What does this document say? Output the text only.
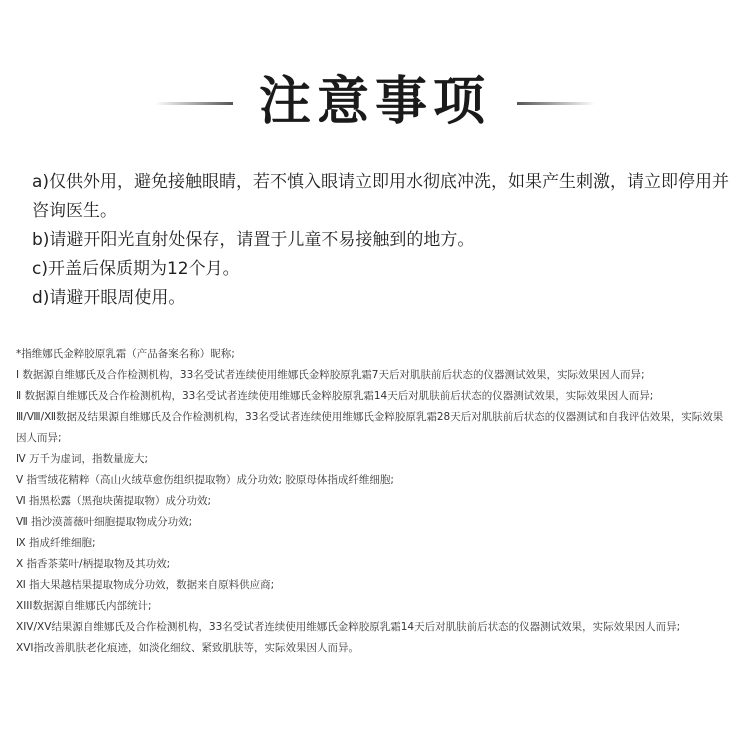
注意事项

a)仅供外用，避免接触眼睛，若不慎入眼请立即用水彻底冲洗，如果产生刺激，请立即停用并咨询医生。

b)请避开阳光直射处保存，请置于儿童不易接触到的地方。

c)开盖后保质期为12个月。

d)请避开眼周使用。

*指维娜氏金粹胶原乳霜（产品备案名称）昵称;

Ⅰ 数据源自维娜氏及合作检测机构，33名受试者连续使用维娜氏金粹胶原乳霜7天后对肌肤前后状态的仪器测试效果，实际效果因人而异;

Ⅱ 数据源自维娜氏及合作检测机构，33名受试者连续使用维娜氏金粹胶原乳霜14天后对肌肤前后状态的仪器测试效果，实际效果因人而异;

Ⅲ/Ⅷ/Ⅻ数据及结果源自维娜氏及合作检测机构，33名受试者连续使用维娜氏金粹胶原乳霜28天后对肌肤前后状态的仪器测试和自我评估效果，实际效果因人而异;

Ⅳ 万千为虚词，指数量庞大;

Ⅴ 指雪绒花精粹（高山火绒草愈伤组织提取物）成分功效; 胶原母体指成纤维细胞;

Ⅵ 指黑松露（黑孢块菌提取物）成分功效;

Ⅶ 指沙漠蔷薇叶细胞提取物成分功效;

Ⅸ 指成纤维细胞;

Ⅹ 指香茶菜叶/柄提取物及其功效;

Ⅺ 指大果越桔果提取物成分功效，数据来自原料供应商;

XIII数据源自维娜氏内部统计;

XIV/XV结果源自维娜氏及合作检测机构，33名受试者连续使用维娜氏金粹胶原乳霜14天后对肌肤前后状态的仪器测试效果，实际效果因人而异;

XVI指改善肌肤老化痕迹，如淡化细纹、紧致肌肤等，实际效果因人而异。
